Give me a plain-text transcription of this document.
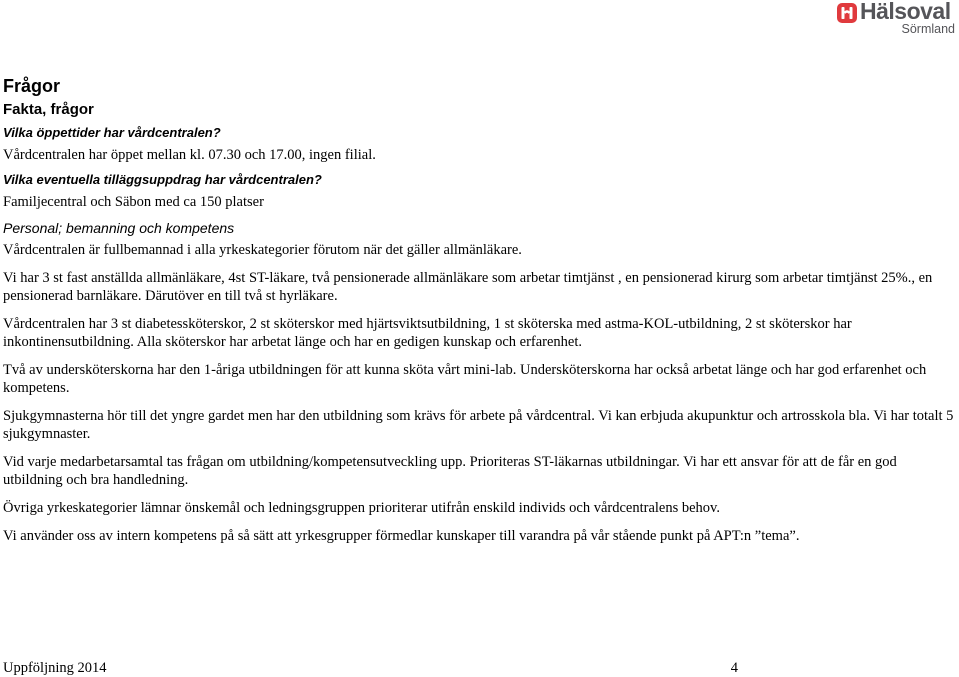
Hälsoval
Sörmland
Frågor
Fakta, frågor
Vilka öppettider har vårdcentralen?

Vårdcentralen har öppet mellan kl. 07.30 och 17.00, ingen filial.

Vilka eventuella tilläggsuppdrag har vårdcentralen?

Familjecentral och Säbon med ca 150 platser

Personal; bemanning och kompetens

Vårdcentralen är fullbemannad i alla yrkeskategorier förutom när det gäller allmänläkare.

Vi har 3 st fast anställda allmänläkare, 4st ST-läkare, två pensionerade allmänläkare som arbetar timtjänst , en pensionerad kirurg som arbetar timtjänst 25%., en pensionerad barnläkare. Därutöver en till två st hyrläkare.

Vårdcentralen har 3 st diabetessköterskor, 2 st sköterskor med hjärtsviktsutbildning, 1 st sköterska med astma-KOL-utbildning, 2 st sköterskor har inkontinensutbildning. Alla sköterskor har arbetat länge och har en gedigen kunskap och erfarenhet.

Två av undersköterskorna har den 1-åriga utbildningen för att kunna sköta vårt mini-lab. Undersköterskorna har också arbetat länge och har god erfarenhet och kompetens.

Sjukgymnasterna hör till det yngre gardet men har den utbildning som krävs för arbete på vårdcentral. Vi kan erbjuda akupunktur och artrosskola bla. Vi har totalt 5 sjukgymnaster.

Vid varje medarbetarsamtal tas frågan om utbildning/kompetensutveckling upp. Prioriteras ST-läkarnas utbildningar. Vi har ett ansvar för att de får en god utbildning och bra handledning.

Övriga yrkeskategorier lämnar önskemål och ledningsgruppen prioriterar utifrån enskild individs och vårdcentralens behov.

Vi använder oss av intern kompetens på så sätt att yrkesgrupper förmedlar kunskaper till varandra på vår stående punkt på APT:n ”tema”.

Uppföljning 2014	4
